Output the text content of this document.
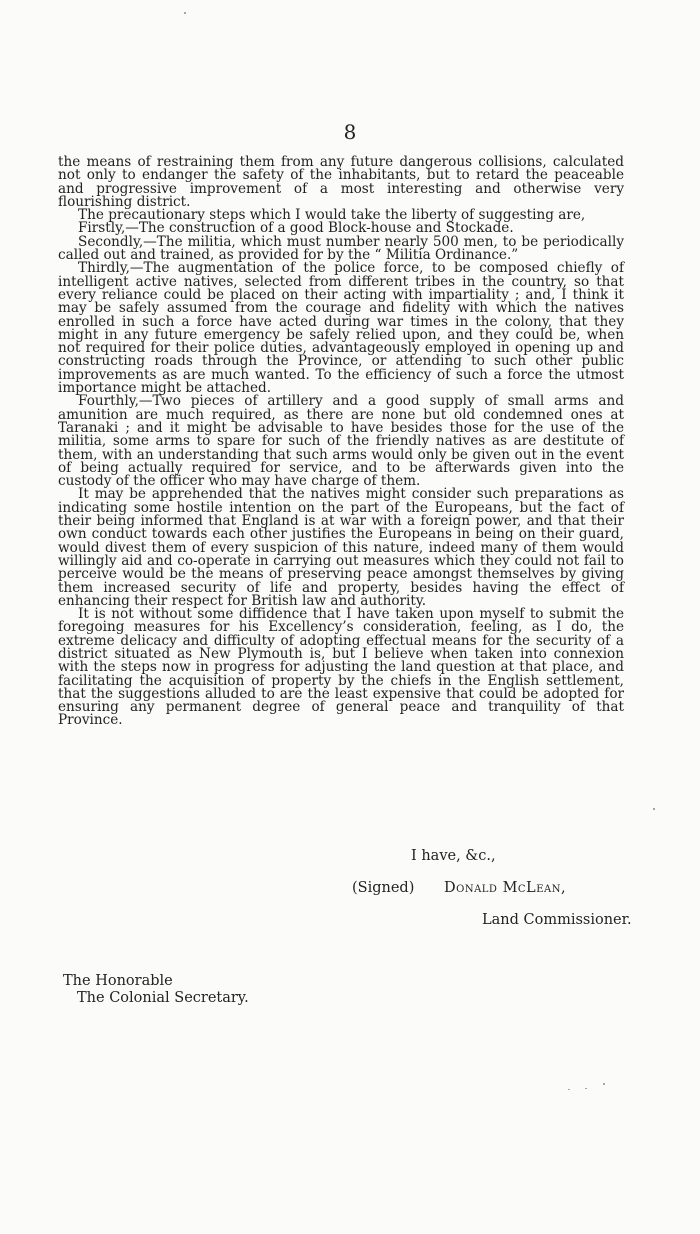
8

the means of restraining them from any future dangerous collisions, calculated not only to endanger the safety of the inhabitants, but to retard the peaceable and progressive improvement of a most interesting and otherwise very flourishing district.

The precautionary steps which I would take the liberty of suggesting are,

Firstly,—The construction of a good Block-house and Stockade.

Secondly,—The militia, which must number nearly 500 men, to be periodically called out and trained, as provided for by the “ Militia Ordinance.”

Thirdly,—The augmentation of the police force, to be composed chiefly of intelligent active natives, selected from different tribes in the country, so that every reliance could be placed on their acting with impartiality ; and, I think it may be safely assumed from the courage and fidelity with which the natives enrolled in such a force have acted during war times in the colony, that they might in any future emergency be safely relied upon, and they could be, when not required for their police duties, advantageously employed in opening up and constructing roads through the Province, or attending to such other public improvements as are much wanted. To the efficiency of such a force the utmost importance might be attached.

Fourthly,—Two pieces of artillery and a good supply of small arms and amunition are much required, as there are none but old condemned ones at Taranaki ; and it might be advisable to have besides those for the use of the militia, some arms to spare for such of the friendly natives as are destitute of them, with an understanding that such arms would only be given out in the event of being actually required for service, and to be afterwards given into the custody of the officer who may have charge of them.

It may be apprehended that the natives might consider such preparations as indicating some hostile intention on the part of the Europeans, but the fact of their being informed that England is at war with a foreign power, and that their own conduct towards each other justifies the Europeans in being on their guard, would divest them of every suspicion of this nature, indeed many of them would willingly aid and co-operate in carrying out measures which they could not fail to perceive would be the means of preserving peace amongst themselves by giving them increased security of life and property, besides having the effect of enhancing their respect for British law and authority.

It is not without some diffidence that I have taken upon myself to submit the foregoing measures for his Excellency’s consideration, feeling, as I do, the extreme delicacy and difficulty of adopting effectual means for the security of a district situated as New Plymouth is, but I believe when taken into connexion with the steps now in progress for adjusting the land question at that place, and facilitating the acquisition of property by the chiefs in the English settlement, that the suggestions alluded to are the least expensive that could be adopted for ensuring any permanent degree of general peace and tranquility of that Province.

I have, &c.,
(Signed) Donald McLean,
Land Commissioner.
The Honorable
The Colonial Secretary.
